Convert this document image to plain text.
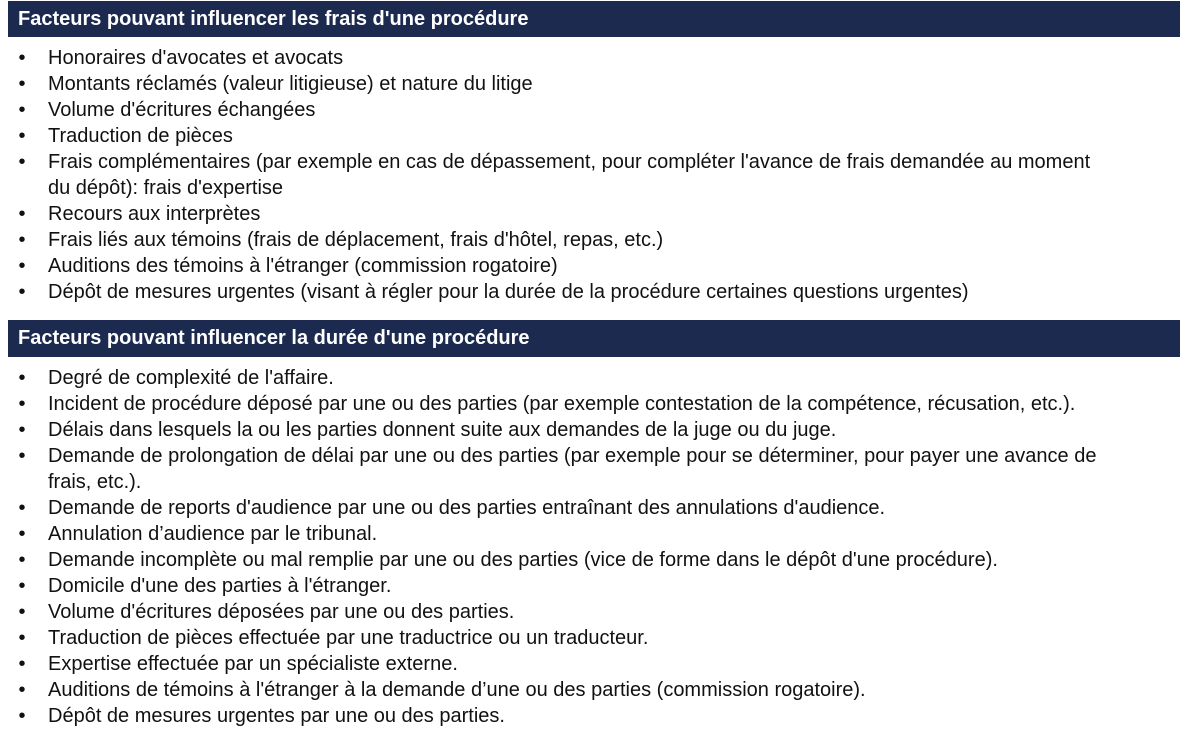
Facteurs pouvant influencer les frais d'une procédure
• Honoraires d'avocates et avocats
• Montants réclamés (valeur litigieuse) et nature du litige
• Volume d'écritures échangées
• Traduction de pièces
• Frais complémentaires (par exemple en cas de dépassement, pour compléter l'avance de frais demandée au moment du dépôt): frais d'expertise
• Recours aux interprètes
• Frais liés aux témoins (frais de déplacement, frais d'hôtel, repas, etc.)
• Auditions des témoins à l'étranger (commission rogatoire)
• Dépôt de mesures urgentes (visant à régler pour la durée de la procédure certaines questions urgentes)
Facteurs pouvant influencer la durée d'une procédure
• Degré de complexité de l'affaire.
• Incident de procédure déposé par une ou des parties (par exemple contestation de la compétence, récusation, etc.).
• Délais dans lesquels la ou les parties donnent suite aux demandes de la juge ou du juge.
• Demande de prolongation de délai par une ou des parties (par exemple pour se déterminer, pour payer une avance de frais, etc.).
• Demande de reports d'audience par une ou des parties entraînant des annulations d'audience.
• Annulation d’audience par le tribunal.
• Demande incomplète ou mal remplie par une ou des parties (vice de forme dans le dépôt d'une procédure).
• Domicile d'une des parties à l'étranger.
• Volume d'écritures déposées par une ou des parties.
• Traduction de pièces effectuée par une traductrice ou un traducteur.
• Expertise effectuée par un spécialiste externe.
• Auditions de témoins à l'étranger à la demande d’une ou des parties (commission rogatoire).
• Dépôt de mesures urgentes par une ou des parties.
